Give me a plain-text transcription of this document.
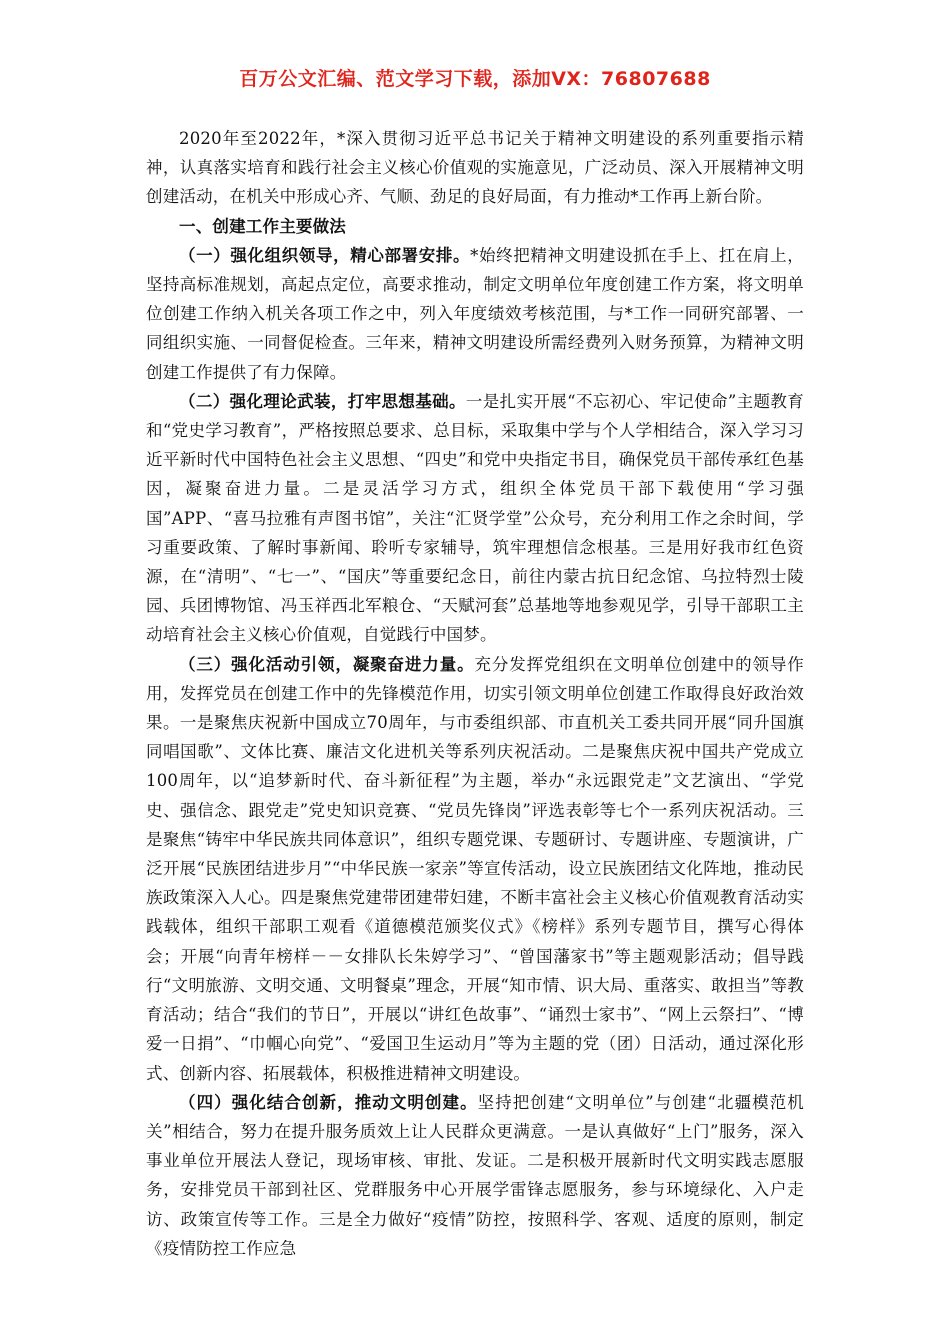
百万公文汇编、范文学习下载，添加VX：76807688

2020年至2022年，*深入贯彻习近平总书记关于精神文明建设的系列重要指示精神，认真落实培育和践行社会主义核心价值观的实施意见，广泛动员、深入开展精神文明创建活动，在机关中形成心齐、气顺、劲足的良好局面，有力推动*工作再上新台阶。

一、创建工作主要做法

（一）强化组织领导，精心部署安排。*始终把精神文明建设抓在手上、扛在肩上，坚持高标准规划，高起点定位，高要求推动，制定文明单位年度创建工作方案，将文明单位创建工作纳入机关各项工作之中，列入年度绩效考核范围，与*工作一同研究部署、一同组织实施、一同督促检查。三年来，精神文明建设所需经费列入财务预算，为精神文明创建工作提供了有力保障。

（二）强化理论武装，打牢思想基础。一是扎实开展“不忘初心、牢记使命”主题教育和“党史学习教育”，严格按照总要求、总目标，采取集中学与个人学相结合，深入学习习近平新时代中国特色社会主义思想、“四史”和党中央指定书目，确保党员干部传承红色基因，凝聚奋进力量。二是灵活学习方式，组织全体党员干部下载使用“学习强国”APP、“喜马拉雅有声图书馆”，关注“汇贤学堂”公众号，充分利用工作之余时间，学习重要政策、了解时事新闻、聆听专家辅导，筑牢理想信念根基。三是用好我市红色资源，在“清明”、“七一”、“国庆”等重要纪念日，前往内蒙古抗日纪念馆、乌拉特烈士陵园、兵团博物馆、冯玉祥西北军粮仓、“天赋河套”总基地等地参观见学，引导干部职工主动培育社会主义核心价值观，自觉践行中国梦。

（三）强化活动引领，凝聚奋进力量。充分发挥党组织在文明单位创建中的领导作用，发挥党员在创建工作中的先锋模范作用，切实引领文明单位创建工作取得良好政治效果。一是聚焦庆祝新中国成立70周年，与市委组织部、市直机关工委共同开展“同升国旗同唱国歌”、文体比赛、廉洁文化进机关等系列庆祝活动。二是聚焦庆祝中国共产党成立100周年，以“追梦新时代、奋斗新征程”为主题，举办“永远跟党走”文艺演出、“学党史、强信念、跟党走”党史知识竞赛、“党员先锋岗”评选表彰等七个一系列庆祝活动。三是聚焦“铸牢中华民族共同体意识”，组织专题党课、专题研讨、专题讲座、专题演讲，广泛开展“民族团结进步月”“中华民族一家亲”等宣传活动，设立民族团结文化阵地，推动民族政策深入人心。四是聚焦党建带团建带妇建，不断丰富社会主义核心价值观教育活动实践载体，组织干部职工观看《道德模范颁奖仪式》《榜样》系列专题节目，撰写心得体会；开展“向青年榜样－－女排队长朱婷学习”、“曾国藩家书”等主题观影活动；倡导践行“文明旅游、文明交通、文明餐桌”理念，开展“知市情、识大局、重落实、敢担当”等教育活动；结合“我们的节日”，开展以“讲红色故事”、“诵烈士家书”、“网上云祭扫”、“博爱一日捐”、“巾帼心向党”、“爱国卫生运动月”等为主题的党（团）日活动，通过深化形式、创新内容、拓展载体，积极推进精神文明建设。

（四）强化结合创新，推动文明创建。坚持把创建“文明单位”与创建“北疆模范机关”相结合，努力在提升服务质效上让人民群众更满意。一是认真做好“上门”服务，深入事业单位开展法人登记，现场审核、审批、发证。二是积极开展新时代文明实践志愿服务，安排党员干部到社区、党群服务中心开展学雷锋志愿服务，参与环境绿化、入户走访、政策宣传等工作。三是全力做好“疫情”防控，按照科学、客观、适度的原则，制定《疫情防控工作应急
